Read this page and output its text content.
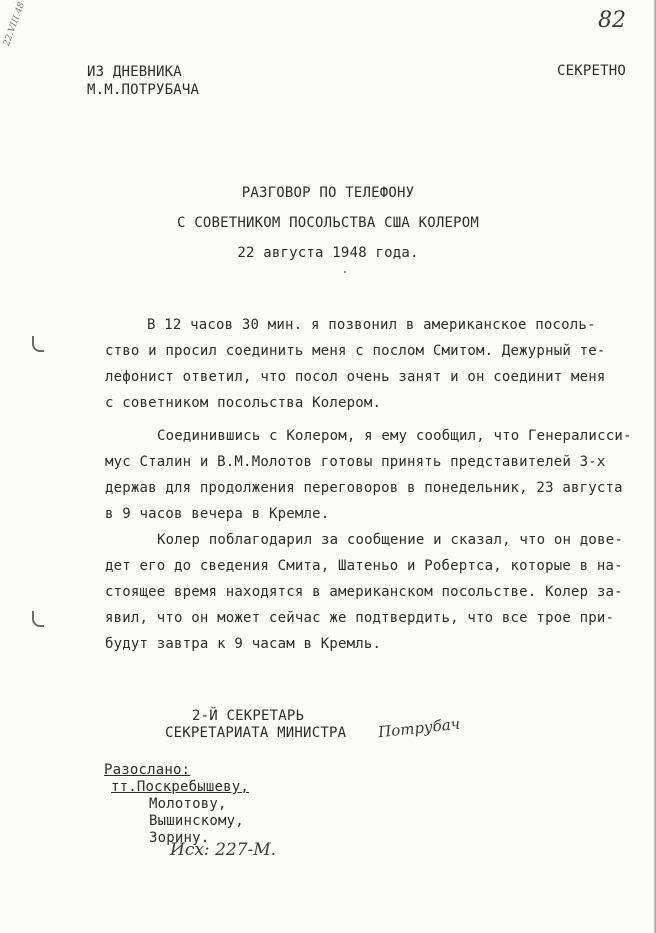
82
22.VIII.48
ИЗ ДНЕВНИКА
М.М.ПОТРУБАЧА
СЕКРЕТНО
РАЗГОВОР ПО ТЕЛЕФОНУ
С СОВЕТНИКОМ ПОСОЛЬСТВА США КОЛЕРОМ
22 августа 1948 года.
В 12 часов 30 мин. я позвонил в американское посоль-
ство и просил соединить меня с послом Смитом. Дежурный те-
лефонист ответил, что посол очень занят и он соединит меня
с советником посольства Колером.
Соединившись с Колером, я ему сообщил, что Генералисси-
мус Сталин и В.М.Молотов готовы принять представителей 3-х
держав для продолжения переговоров в понедельник, 23 августа
в 9 часов вечера в Кремле.
Колер поблагодарил за сообщение и сказал, что он дове-
дет его до сведения Смита, Шатеньо и Робертса, которые в на-
стоящее время находятся в американском посольстве. Колер за-
явил, что он может сейчас же подтвердить, что все трое при-
будут завтра к 9 часам в Кремль.
2-Й СЕКРЕТАРЬ
СЕКРЕТАРИАТА МИНИСТРА Потрубач
Разослано:
тт.Поскребышеву,
Молотову,
Вышинскому,
Зорину.
Исх: 227-М.
